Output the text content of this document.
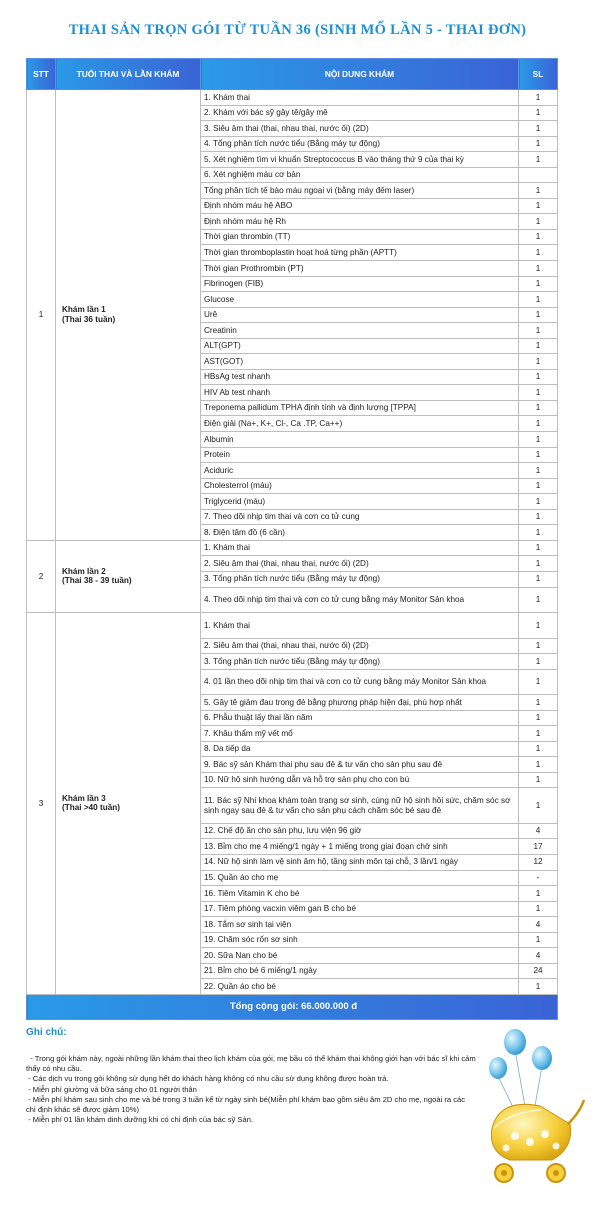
THAI SẢN TRỌN GÓI TỪ TUẦN 36 (SINH MỔ LẦN 5 - THAI ĐƠN)
STT	TUỔI THAI VÀ LẦN KHÁM	NỘI DUNG KHÁM	SL
1	Khám lần 1
(Thai 36 tuần)	1. Khám thai	1
		2. Khám với bác sỹ gây tê/gây mê	1
		3. Siêu âm thai (thai, nhau thai, nước ối) (2D)	1
		4. Tổng phân tích nước tiểu (Bằng máy tự động)	1
		5. Xét nghiệm tìm vi khuẩn Streptococcus B vào tháng thứ 9 của thai kỳ	1
		6. Xét nghiệm máu cơ bản	
		Tổng phân tích tế bào máu ngoại vi (bằng máy đếm laser)	1
		Định nhóm máu hệ ABO	1
		Định nhóm máu hệ Rh	1
		Thời gian thrombin (TT)	1
		Thời gian thromboplastin hoạt hoá từng phần (APTT)	1
		Thời gian Prothrombin (PT)	1
		Fibrinogen (FIB)	1
		Glucose	1
		Urê	1
		Creatinin	1
		ALT(GPT)	1
		AST(GOT)	1
		HBsAg test nhanh	1
		HIV Ab test nhanh	1
		Treponema pallidum TPHA định tính và định lượng [TPPA]	1
		Điện giải (Na+, K+, Cl-, Ca .TP, Ca++)	1
		Albumin	1
		Protein	1
		Aciduric	1
		Cholesterrol (máu)	1
		Triglycerid (máu)	1
		7. Theo dõi nhịp tim thai và cơn co tử cung	1
		8. Điện tâm đồ (6 cần)	1
2	Khám lần 2
(Thai 38 - 39 tuần)	1. Khám thai	1
		2. Siêu âm thai (thai, nhau thai, nước ối) (2D)	1
		3. Tổng phân tích nước tiểu (Bằng máy tự động)	1
		4. Theo dõi nhịp tim thai và cơn co tử cung bằng máy Monitor Sản khoa	1
3	Khám lần 3
(Thai >40 tuần)	1. Khám thai	1
		2. Siêu âm thai (thai, nhau thai, nước ối) (2D)	1
		3. Tổng phân tích nước tiểu (Bằng máy tự động)	1
		4. 01 lần theo dõi nhịp tim thai và cơn co tử cung bằng máy Monitor Sản khoa	1
		5. Gây tê giảm đau trong đẻ bằng phương pháp hiện đại, phù hợp nhất	1
		6. Phẫu thuật lấy thai lần năm	1
		7. Khâu thẩm mỹ vết mổ	1
		8. Da tiếp da	1
		9. Bác sỹ sản Khám thai phụ sau đẻ & tư vấn cho sản phụ sau đẻ	1
		10. Nữ hộ sinh hướng dẫn và hỗ trợ sản phụ cho con bú	1
		11. Bác sỹ Nhi khoa khám toàn trạng sơ sinh, cùng nữ hộ sinh hồi sức, chăm sóc sơ sinh ngay sau đẻ & tư vấn cho sản phụ cách chăm sóc bé sau đẻ	1
		12. Chế độ ăn cho sản phụ, lưu viện 96 giờ	4
		13. Bỉm cho mẹ 4 miếng/1 ngày + 1 miếng trong giai đoạn chờ sinh	17
		14. Nữ hộ sinh làm vệ sinh âm hộ, tầng sinh môn tại chỗ, 3 lần/1 ngày	12
		15. Quần áo cho mẹ	-
		16. Tiêm Vitamin K cho bé	1
		17. Tiêm phòng vacxin viêm gan B cho bé	1
		18. Tắm sơ sinh tại viện	4
		19. Chăm sóc rốn sơ sinh	1
		20. Sữa Nan cho bé	4
		21. Bỉm cho bé 6 miếng/1 ngày	24
		22. Quần áo cho bé	1
Tổng cộng gói: 66.000.000 đ			
Ghi chú:
- Trong gói khám này, ngoài những lần khám thai theo lịch khám của gói, mẹ bầu có thể khám thai không giới hạn với bác sĩ khi cảm thấy có nhu cầu.
- Các dịch vụ trong gói không sử dụng hết do khách hàng không có nhu cầu sử dụng không được hoàn trả.
- Miễn phí giường và bữa sáng cho 01 người thân
- Miễn phí khám sau sinh cho mẹ và bé trong 3 tuần kể từ ngày sinh bé(Miễn phí khám bao gồm siêu âm 2D cho mẹ, ngoài ra các chỉ định khác sẽ được giảm 10%)
- Miễn phí 01 lần khám dinh dưỡng khi có chỉ định của bác sỹ Sản.
